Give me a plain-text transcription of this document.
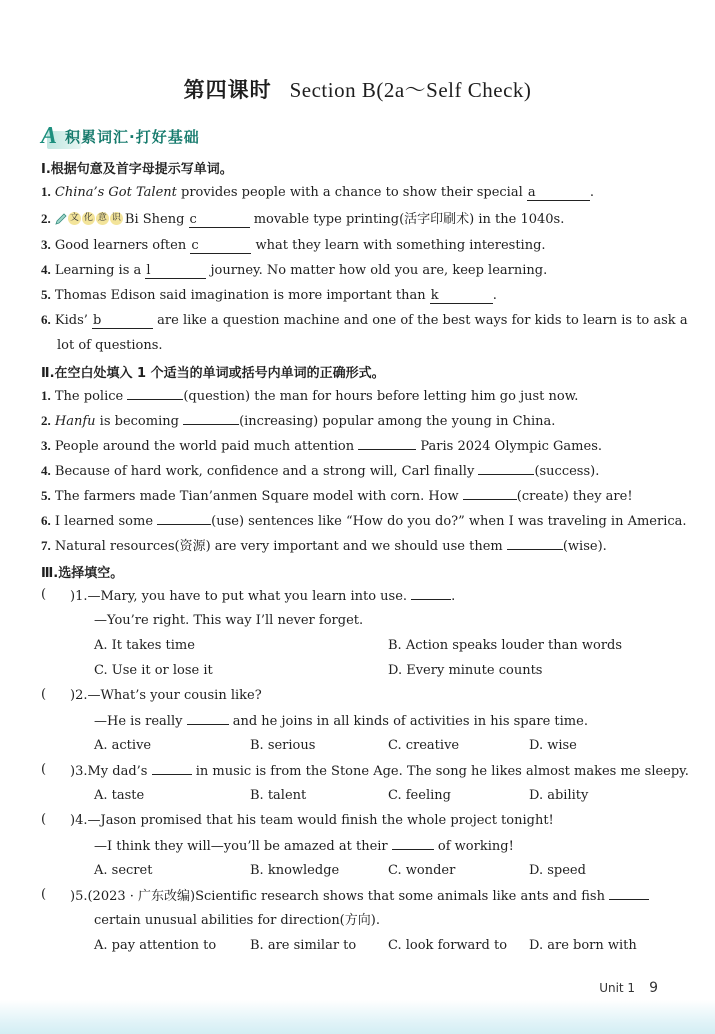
第四课时 Section B(2a～Self Check)
A 积累词汇·打好基础
Ⅰ.根据句意及首字母提示写单词。
1. China’s Got Talent provides people with a chance to show their special a	.
2. 文 化 意 识 Bi Sheng c	movable type printing(活字印刷术) in the 1040s.
3. Good learners often c	what they learn with something interesting.
4. Learning is a l	journey. No matter how old you are, keep learning.
5. Thomas Edison said imagination is more important than k	.
6. Kids’ b	are like a question machine and one of the best ways for kids to learn is to ask a
lot of questions.
Ⅱ.在空白处填入 1 个适当的单词或括号内单词的正确形式。
1. The police	(question) the man for hours before letting him go just now.
2. Hanfu is becoming	(increasing) popular among the young in China.
3. People around the world paid much attention	Paris 2024 Olympic Games.
4. Because of hard work, confidence and a strong will, Carl finally	(success).
5. The farmers made Tian’anmen Square model with corn. How	(create) they are!
6. I learned some	(use) sentences like “How do you do?” when I was traveling in America.
7. Natural resources(资源) are very important and we should use them	(wise).
Ⅲ.选择填空。
( )1.—Mary, you have to put what you learn into use.	.
—You’re right. This way I’ll never forget.
A. It takes time	B. Action speaks louder than words
C. Use it or lose it	D. Every minute counts
( )2.—What’s your cousin like?
—He is really	and he joins in all kinds of activities in his spare time.
A. active	B. serious	C. creative	D. wise
( )3.My dad’s	in music is from the Stone Age. The song he likes almost makes me sleepy.
A. taste	B. talent	C. feeling	D. ability
( )4.—Jason promised that his team would finish the whole project tonight!
—I think they will—you’ll be amazed at their	of working!
A. secret	B. knowledge	C. wonder	D. speed
( )5.(2023 · 广东改编)Scientific research shows that some animals like ants and fish
certain unusual abilities for direction(方向).
A. pay attention to	B. are similar to C. look forward to D. are born with
Unit 1 9
